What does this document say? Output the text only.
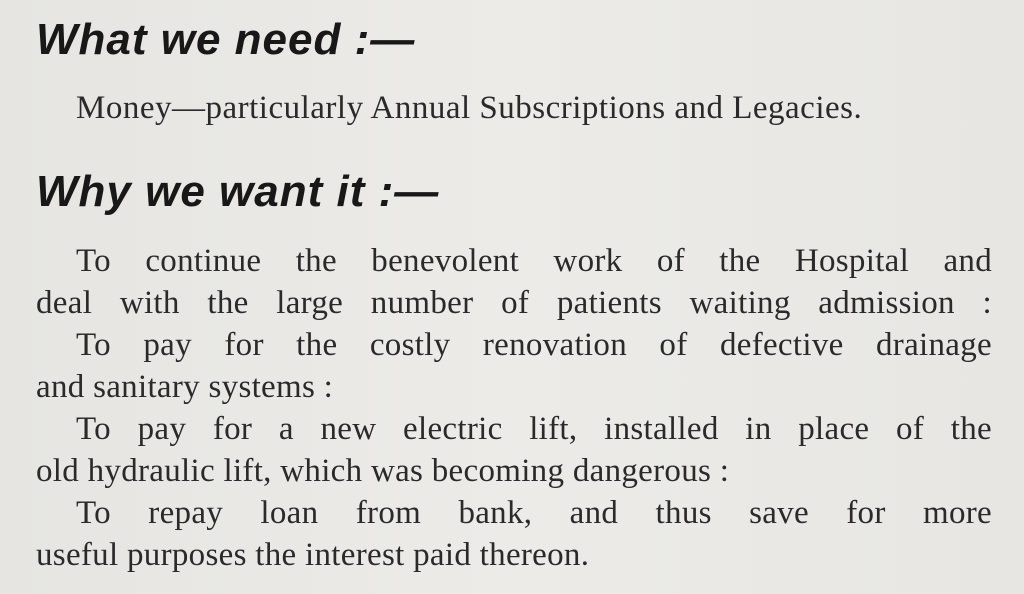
What we need :—

Money—particularly Annual Subscriptions and Legacies.

Why we want it :—
To continue the benevolent work of the Hospital and
deal with the large number of patients waiting admission :
To pay for the costly renovation of defective drainage
and sanitary systems :
To pay for a new electric lift, installed in place of the
old hydraulic lift, which was becoming dangerous :
To repay loan from bank, and thus save for more
useful purposes the interest paid thereon.
